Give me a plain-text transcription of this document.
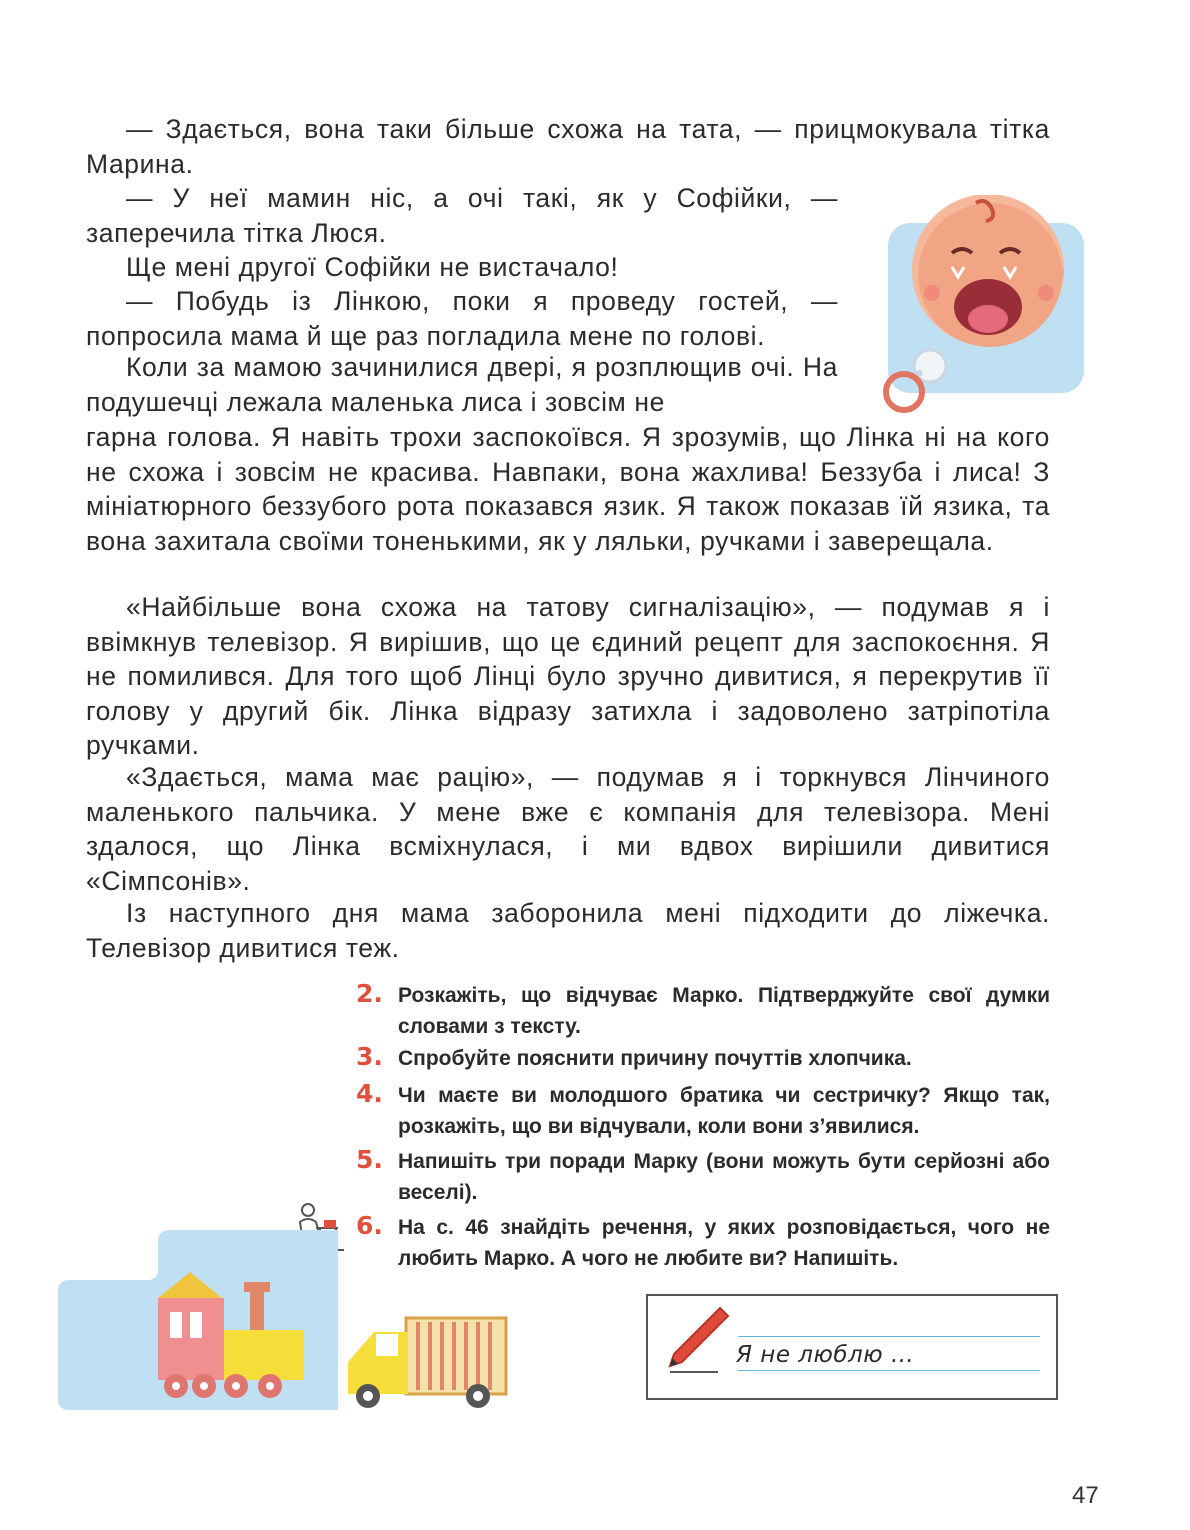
— Здається, вона таки більше схожа на тата, — прицмокувала тітка Марина.

— У неї мамин ніс, а очі такі, як у Софійки, — заперечила тітка Люся.

Ще мені другої Софійки не вистачало!

— Побудь із Лінкою, поки я проведу гостей, — попросила мама й ще раз погладила мене по голові.

Коли за мамою зачинилися двері, я розплющив очі. На подушечці лежала маленька лиса і зовсім не

гарна голова. Я навіть трохи заспокоївся. Я зрозумів, що Лінка ні на кого не схожа і зовсім не красива. Навпаки, вона жахлива! Беззуба і лиса! З мініатюрного беззубого рота показався язик. Я також показав їй язика, та вона захитала своїми тоненькими, як у ляльки, ручками і заверещала.

«Найбільше вона схожа на татову сигналізацію», — подумав я і ввімкнув телевізор. Я вирішив, що це єдиний рецепт для заспокоєння. Я не помилився. Для того щоб Лінці було зручно дивитися, я перекрутив її голову у другий бік. Лінка відразу затихла і задоволено затріпотіла ручками.

«Здається, мама має рацію», — подумав я і торкнувся Лінчиного маленького пальчика. У мене вже є компанія для телевізора. Мені здалося, що Лінка всміхнулася, і ми вдвох вирішили дивитися «Сімпсонів».

Із наступного дня мама заборонила мені підходити до ліжечка. Телевізор дивитися теж.

2. Розкажіть, що відчуває Марко. Підтверджуйте свої думки словами з тексту.
3. Спробуйте пояснити причину почуттів хлопчика.
4. Чи маєте ви молодшого братика чи сестричку? Якщо так, розкажіть, що ви відчували, коли вони з’явилися.
5. Напишіть три поради Марку (вони можуть бути серйозні або веселі).
6. На с. 46 знайдіть речення, у яких розповідається, чого не любить Марко. А чого не любите ви? Напишіть.
Я не люблю …
47
